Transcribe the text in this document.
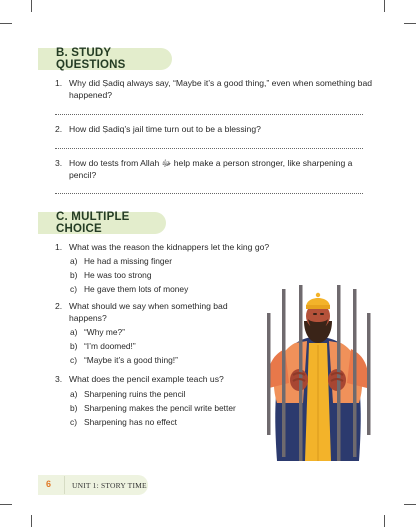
B. STUDY QUESTIONS
1. Why did Ṣadiq always say, “Maybe it’s a good thing,” even when something bad happened?
2. How did Ṣadiq’s jail time turn out to be a blessing?
3. How do tests from Allah ﷻ help make a person stronger, like sharpening a pencil?
C. MULTIPLE CHOICE
1. What was the reason the kidnappers let the king go?
a) He had a missing finger
b) He was too strong
c) He gave them lots of money
2. What should we say when something bad happens?
a) “Why me?”
b) “I’m doomed!”
c) “Maybe it’s a good thing!”
3. What does the pencil example teach us?
a) Sharpening ruins the pencil
b) Sharpening makes the pencil write better
c) Sharpening has no effect
6	UNIT 1: STORY TIME
